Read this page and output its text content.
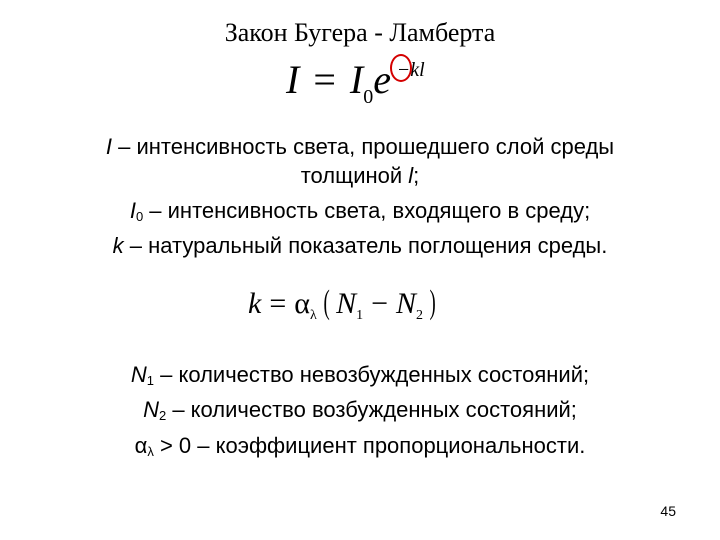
Закон Бугера - Ламберта
$I = I_0e -kl$
I – интенсивность света, прошедшего слой среды
толщиной l;
$I_0$ – интенсивность света, входящего в среду;
k – натуральный показатель поглощения среды.
$k = \alpha_\lambda$ ( $N_1 - N_2$ )
$N_1$ – количество невозбужденных состояний;
$N_2$ – количество возбужденных состояний;
$\alpha_\lambda > 0$ – коэффициент пропорциональности.
45
